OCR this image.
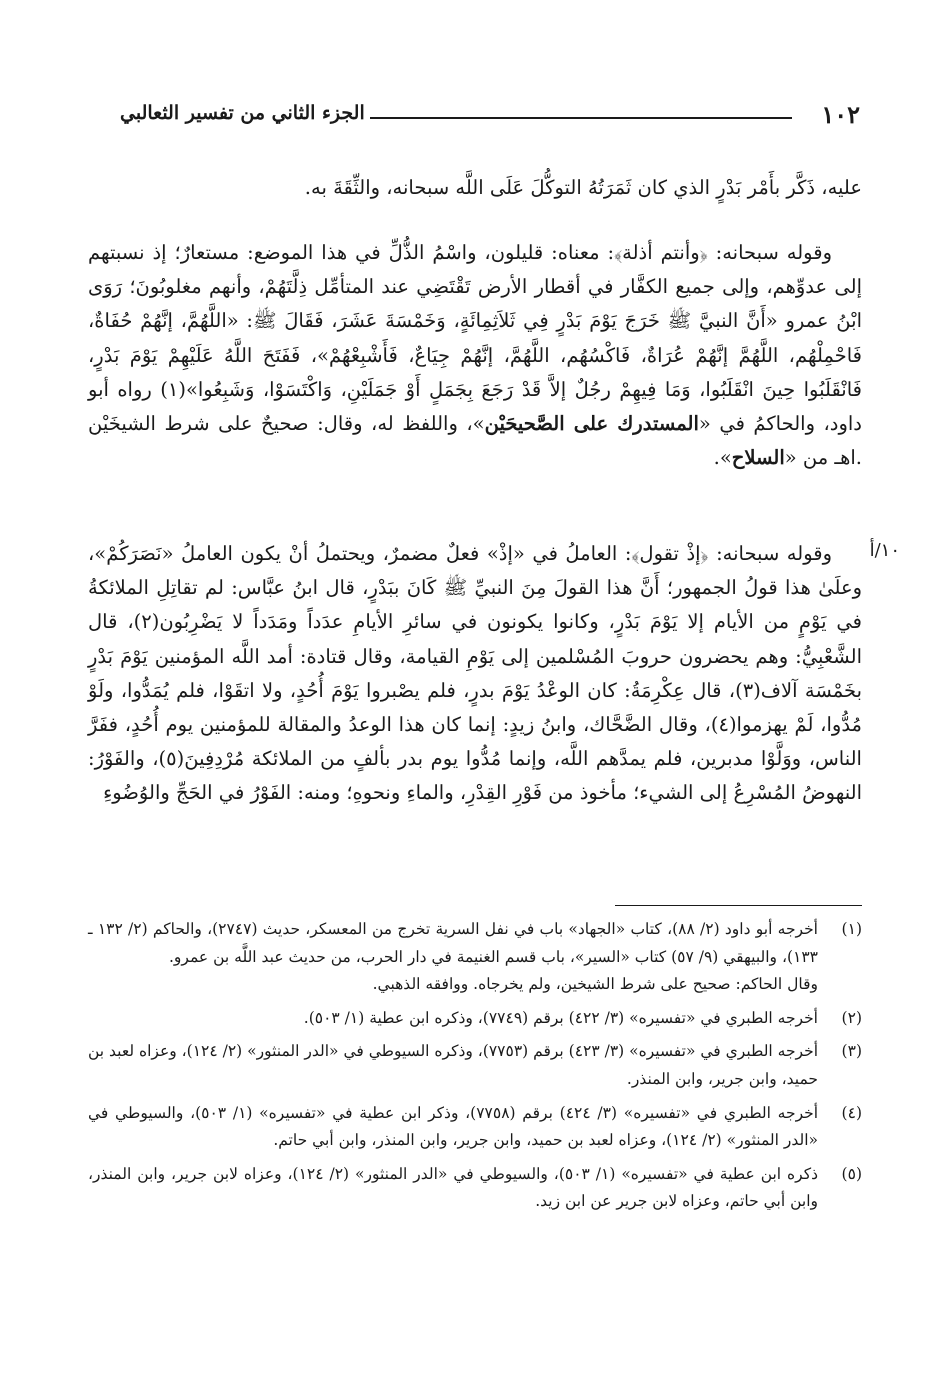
١٠٢
الجزء الثاني من تفسير الثعالبي

عليه، ذَكَّر بأَمْر بَدْرٍ الذي كان ثَمَرَتُهُ التوكُّلَ عَلَى اللَّه سبحانه، والثِّقَةَ به.

وقوله سبحانه: ﴿وأنتم أذلة﴾: معناه: قليلون، واسْمُ الذُّلِّ في هذا الموضع: مستعارٌ؛ إذ نسبتهم إلى عدوِّهم، وإلى جميع الكفَّار في أقطار الأرض تَقْتَضِي عند المتأمِّل ذِلَّتَهُمْ، وأنهم مغلوبُونَ؛ رَوَى ابْنُ عمرو «أَنَّ النبيَّ ﷺ خَرَجَ يَوْمَ بَدْرٍ فِي ثَلاَثِمِائَةٍ، وَخَمْسَةَ عَشَرَ، فَقَالَ ﷺ: «اللَّهُمَّ، إنَّهُمْ حُفَاةٌ، فَاحْمِلْهُم، اللَّهُمَّ إنَّهُمْ عُرَاةٌ، فَاكْسُهُم، اللَّهُمَّ، إنَّهُمْ جِيَاعٌ، فَأَشْبِعْهُمْ»، فَفَتَحَ اللَّهُ عَلَيْهِمْ يَوْمَ بَدْرٍ، فَانْقَلَبُوا حِينَ انْقَلَبُوا، وَمَا فِيهِمْ رجُلٌ إلاَّ قَدْ رَجَعَ بِجَمَلٍ أَوْ جَمَلَيْنِ، وَاكْتَسَوْا، وَشَبِعُوا»(١) رواه أبو داود، والحاكمُ في «المستدرك على الصَّحيحَيْن»، واللفظ له، وقال: صحيحٌ على شرط الشيخَيْن .اهـ من «السلاح».

١٠/أ

وقوله سبحانه: ﴿إذْ تقول﴾: العاملُ في «إذْ» فعلٌ مضمرٌ، ويحتملُ أنْ يكون العاملُ «نَصَرَكُمْ»، وعلَىٰ هذا قولُ الجمهور؛ أَنَّ هذا القولَ مِنَ النبيِّ ﷺ كَانَ ببَدْرٍ، قال ابنُ عبَّاس: لم تقاتِلِ الملائكةُ في يَوْمٍ من الأيام إلا يَوْمَ بَدْرٍ، وكانوا يكونون في سائرِ الأيامِ عدَداً ومَدَداً لا يَضْرِبُون(٢)، قال الشَّعْبِيُّ: وهم يحضرون حروبَ المُسْلمين إلى يَوْمِ القيامة، وقال قتادة: أمد اللَّه المؤمنين يَوْمَ بَدْرٍ بخَمْسَة آلاف(٣)، قال عِكْرِمَةُ: كان الوعْدُ يَوْمَ بدرٍ، فلم يصْبروا يَوْمَ أُحُدٍ، ولا اتقَوْا، فلم يُمَدُّوا، ولَوْ مُدُّوا، لَمْ يهزموا(٤)، وقال الضَّحَّاك، وابنُ زيدٍ: إنما كان هذا الوعدُ والمقالة للمؤمنين يوم أُحُدٍ، ففَرَّ الناس، ووَلَّوْا مدبرين، فلم يمدَّهم اللَّه، وإنما مُدُّوا يوم بدر بألفٍ من الملائكة مُرْدِفِينَ(٥)، والفَوْرُ: النهوضُ المُسْرِعُ إلى الشيء؛ مأخوذ من فَوْرِ القِدْرِ، والماءِ ونحوهِ؛ ومنه: الفَوْرُ في الحَجِّ والوُضُوءِ

(١)
أخرجه أبو داود (٢/ ٨٨)، كتاب «الجهاد» باب في نفل السرية تخرج من المعسكر، حديث (٢٧٤٧)، والحاكم (٢/ ١٣٢ ـ ١٣٣)، والبيهقي (٩/ ٥٧) كتاب «السير»، باب قسم الغنيمة في دار الحرب، من حديث عبد اللَّه بن عمرو.
وقال الحاكم: صحيح على شرط الشيخين، ولم يخرجاه. ووافقه الذهبي.
(٢)
أخرجه الطبري في «تفسيره» (٣/ ٤٢٢) برقم (٧٧٤٩)، وذكره ابن عطية (١/ ٥٠٣).
(٣)
أخرجه الطبري في «تفسيره» (٣/ ٤٢٣) برقم (٧٧٥٣)، وذكره السيوطي في «الدر المنثور» (٢/ ١٢٤)، وعزاه لعبد بن حميد، وابن جرير، وابن المنذر.
(٤)
أخرجه الطبري في «تفسيره» (٣/ ٤٢٤) برقم (٧٧٥٨)، وذكر ابن عطية في «تفسيره» (١/ ٥٠٣)، والسيوطي في «الدر المنثور» (٢/ ١٢٤)، وعزاه لعبد بن حميد، وابن جرير، وابن المنذر، وابن أبي حاتم.
(٥)
ذكره ابن عطية في «تفسيره» (١/ ٥٠٣)، والسيوطي في «الدر المنثور» (٢/ ١٢٤)، وعزاه لابن جرير، وابن المنذر، وابن أبي حاتم، وعزاه لابن جرير عن ابن زيد.
